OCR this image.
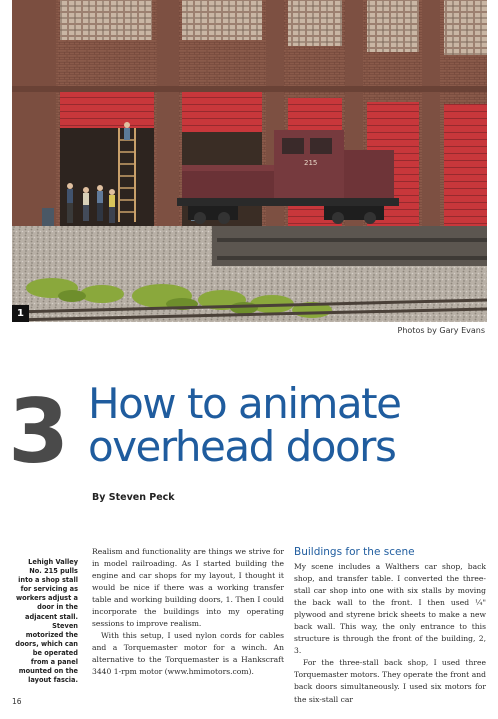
215
1
Photos by Gary Evans
3 How to animate
overhead doors
By Steven Peck
Lehigh Valley No. 215 pulls into a shop stall for servicing as workers adjust a door in the adjacent stall. Steven motorized the doors, which can be operated from a panel mounted on the layout fascia.

Realism and functionality are things we strive for in model railroading. As I started building the engine and car shops for my layout, I thought it would be nice if there was a working transfer table and working building doors, 1. Then I could incorporate the buildings into my operating sessions to improve realism.

With this setup, I used nylon cords for cables and a Torquemaster motor for a winch. An alternative to the Torquemaster is a Hankscraft 3440 1-rpm motor (www.hmimotors.com).

Buildings for the scene

My scene includes a Walthers car shop, back shop, and transfer table. I converted the three-stall car shop into one with six stalls by moving the back wall to the front. I then used ¼" plywood and styrene brick sheets to make a new back wall. This way, the only entrance to this structure is through the front of the building, 2, 3.

For the three-stall back shop, I used three Torquemaster motors. They operate the front and back doors simultaneously. I used six motors for the six-stall car

16
